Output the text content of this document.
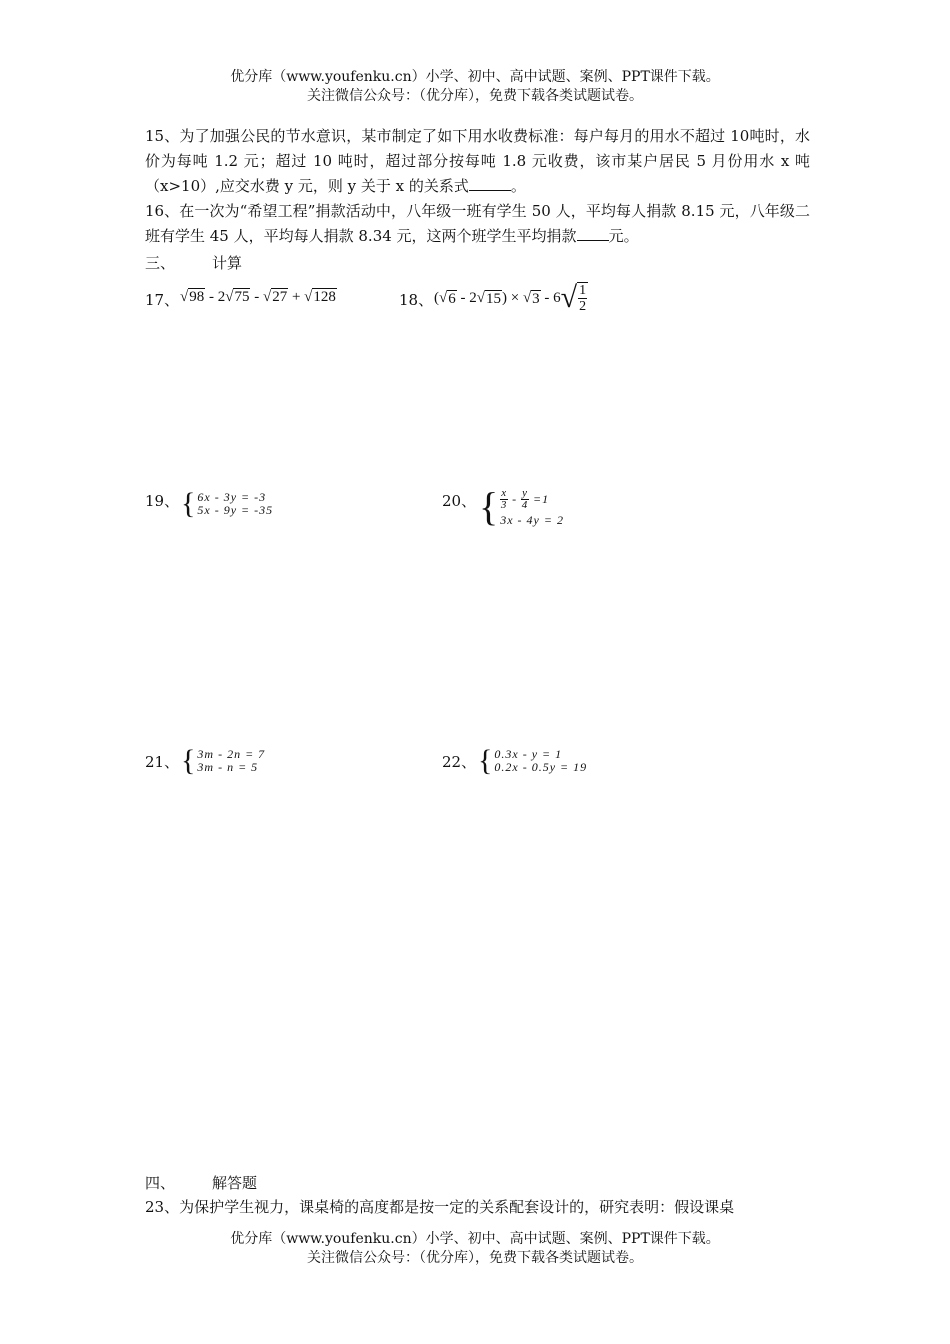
优分库（www.youfenku.cn）小学、初中、高中试题、案例、PPT课件下载。
关注微信公众号：（优分库），免费下载各类试题试卷。
15、为了加强公民的节水意识，某市制定了如下用水收费标准：每户每月的用水不超过 10吨时，水价为每吨 1.2 元；超过 10 吨时，超过部分按每吨 1.8 元收费，该市某户居民 5 月份用水 x 吨（x>10）,应交水费 y 元，则 y 关于 x 的关系式	。
16、在一次为“希望工程”捐款活动中，八年级一班有学生 50 人，平均每人捐款 8.15 元，八年级二班有学生 45 人，平均每人捐款 8.34 元，这两个班学生平均捐款 元。
三、 计算
17、 √98 - 2√75 - √27 + √128	18、 ( √ 6 - 2 √ 15 ) × √ 3 - 6 √ $\frac{1}{2}$
19、 { 6x - 3y = -3
5x - 9y = -35	20、 { $\frac{x}{3} - \frac{y}{4} =1$
3x - 4y = 2
21、 { 3m - 2n = 7
3m - n = 5	22、 { 0.3x - y = 1
0.2x - 0.5y = 19
四、 解答题
23、为保护学生视力，课桌椅的高度都是按一定的关系配套设计的，研究表明：假设课桌
优分库（www.youfenku.cn）小学、初中、高中试题、案例、PPT课件下载。
关注微信公众号：（优分库），免费下载各类试题试卷。
